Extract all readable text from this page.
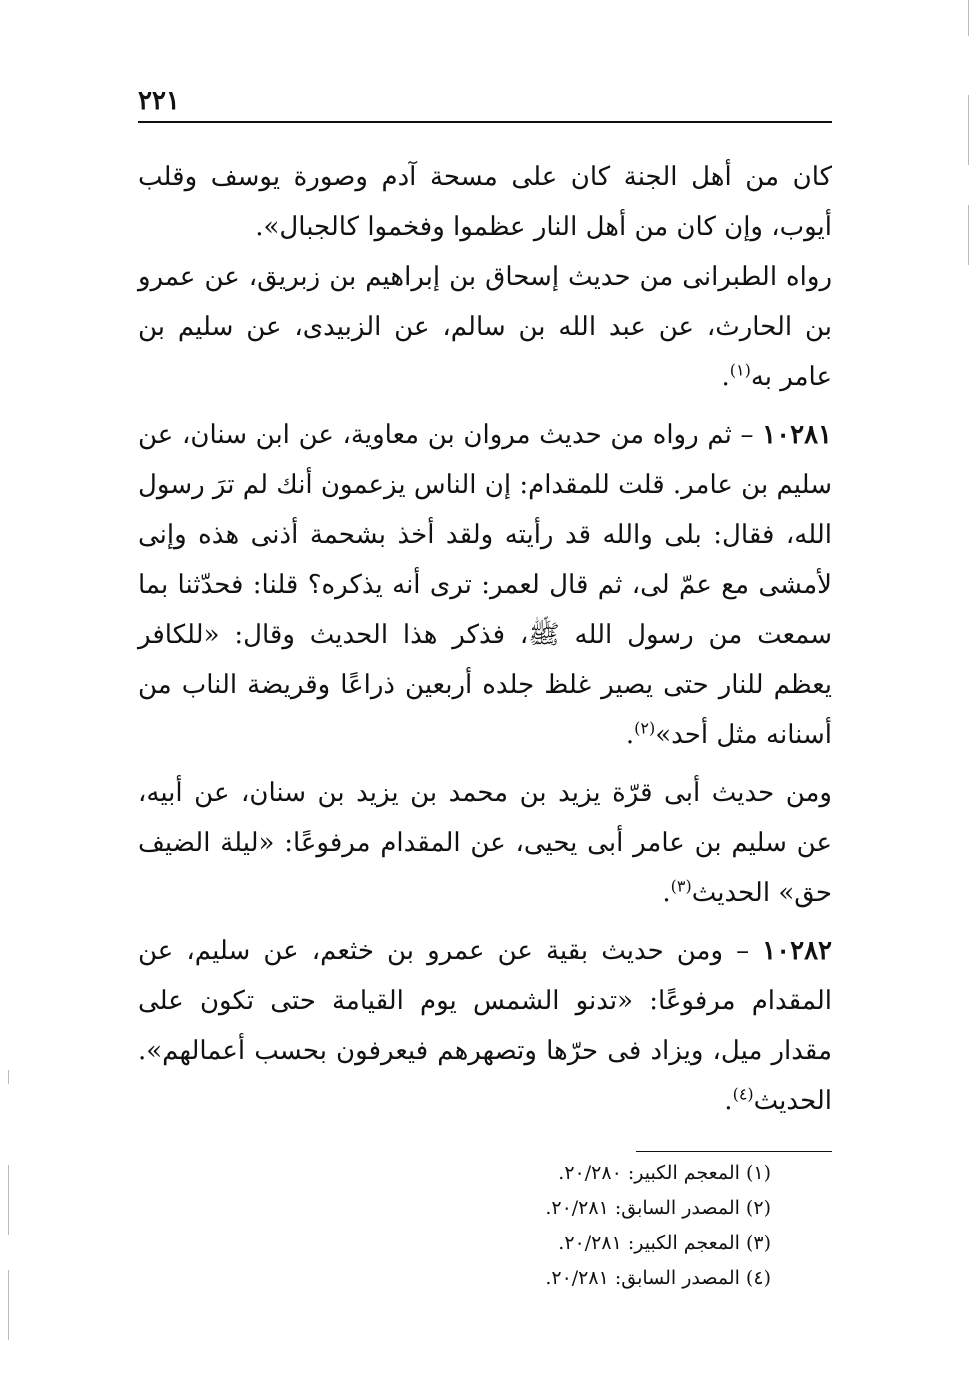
٢٢١

كان من أهل الجنة كان على مسحة آدم وصورة يوسف وقلب أيوب، وإن كان من أهل النار عظموا وفخموا كالجبال».

رواه الطبرانى من حديث إسحاق بن إبراهيم بن زبريق، عن عمرو بن الحارث، عن عبد الله بن سالم، عن الزبيدى، عن سليم بن عامر به$^{(١)}$.

١٠٢٨١ – ثم رواه من حديث مروان بن معاوية، عن ابن سنان، عن سليم بن عامر. قلت للمقدام: إن الناس يزعمون أنك لم ترَ رسول الله، فقال: بلى والله قد رأيته ولقد أخذ بشحمة أذنى هذه وإنى لأمشى مع عمّ لى، ثم قال لعمر: ترى أنه يذكره؟ قلنا: فحدّثنا بما سمعت من رسول الله ﷺ، فذكر هذا الحديث وقال: «للكافر يعظم للنار حتى يصير غلظ جلده أربعين ذراعًا وقريضة الناب من أسنانه مثل أحد»$^{(٢)}$.

ومن حديث أبى قرّة يزيد بن محمد بن يزيد بن سنان، عن أبيه، عن سليم بن عامر أبى يحيى، عن المقدام مرفوعًا: «ليلة الضيف حق» الحديث$^{(٣)}$.

١٠٢٨٢ – ومن حديث بقية عن عمرو بن خثعم، عن سليم، عن المقدام مرفوعًا: «تدنو الشمس يوم القيامة حتى تكون على مقدار ميل، ويزاد فى حرّها وتصهرهم فيعرفون بحسب أعمالهم». الحديث$^{(٤)}$.

(١) المعجم الكبير: ٢٠/٢٨٠.
(٢) المصدر السابق: ٢٠/٢٨١.
(٣) المعجم الكبير: ٢٠/٢٨١.
(٤) المصدر السابق: ٢٠/٢٨١.
